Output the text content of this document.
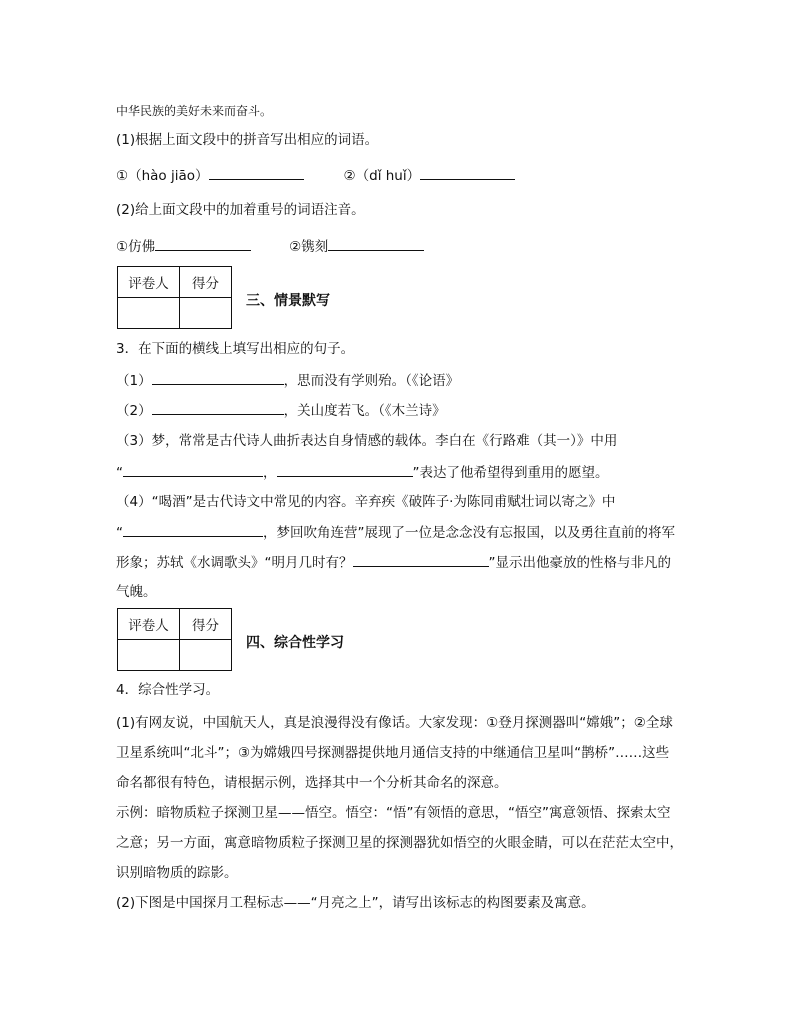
中华民族的美好未来而奋斗。
(1)根据上面文段中的拼音写出相应的词语。
①（hào jiāo）	②（dǐ huǐ）
(2)给上面文段中的加着重号的词语注音。
①仿佛	②镌刻
评卷人	得分

三、情景默写
3．在下面的横线上填写出相应的句子。
（1）	，思而没有学则殆。（《论语》
（2）	，关山度若飞。（《木兰诗》
（3）梦，常常是古代诗人曲折表达自身情感的载体。李白在《行路难（其一）》中用
“	，	”表达了他希望得到重用的愿望。
（4）“喝酒”是古代诗文中常见的内容。辛弃疾《破阵子·为陈同甫赋壮词以寄之》中
“	，梦回吹角连营”展现了一位是念念没有忘报国，以及勇往直前的将军
形象；苏轼《水调歌头》“明月几时有？	”显示出他豪放的性格与非凡的
气魄。
评卷人	得分

四、综合性学习
4．综合性学习。
(1)有网友说，中国航天人，真是浪漫得没有像话。大家发现：①登月探测器叫“嫦娥”；②全球
卫星系统叫“北斗”；③为嫦娥四号探测器提供地月通信支持的中继通信卫星叫“鹊桥”……这些
命名都很有特色，请根据示例，选择其中一个分析其命名的深意。
示例：暗物质粒子探测卫星——悟空。悟空：“悟”有领悟的意思，“悟空”寓意领悟、探索太空
之意；另一方面，寓意暗物质粒子探测卫星的探测器犹如悟空的火眼金睛，可以在茫茫太空中，
识别暗物质的踪影。
(2)下图是中国探月工程标志——“月亮之上”，请写出该标志的构图要素及寓意。
